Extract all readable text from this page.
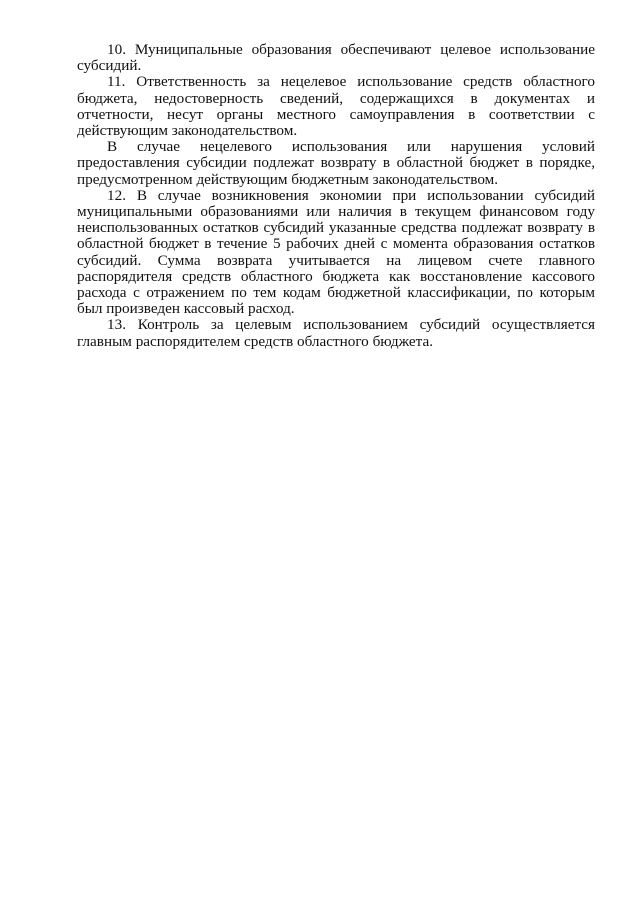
10. Муниципальные образования обеспечивают целевое использование субсидий.

11. Ответственность за нецелевое использование средств областного бюджета, недостоверность сведений, содержащихся в документах и отчетности, несут органы местного самоуправления в соответствии с действующим законодательством.

В случае нецелевого использования или нарушения условий предоставления субсидии подлежат возврату в областной бюджет в порядке, предусмотренном действующим бюджетным законодательством.

12. В случае возникновения экономии при использовании субсидий муниципальными образованиями или наличия в текущем финансовом году неиспользованных остатков субсидий указанные средства подлежат возврату в областной бюджет в течение 5 рабочих дней с момента образования остатков субсидий. Сумма возврата учитывается на лицевом счете главного распорядителя средств областного бюджета как восстановление кассового расхода с отражением по тем кодам бюджетной классификации, по которым был произведен кассовый расход.

13. Контроль за целевым использованием субсидий осуществляется главным распорядителем средств областного бюджета.
